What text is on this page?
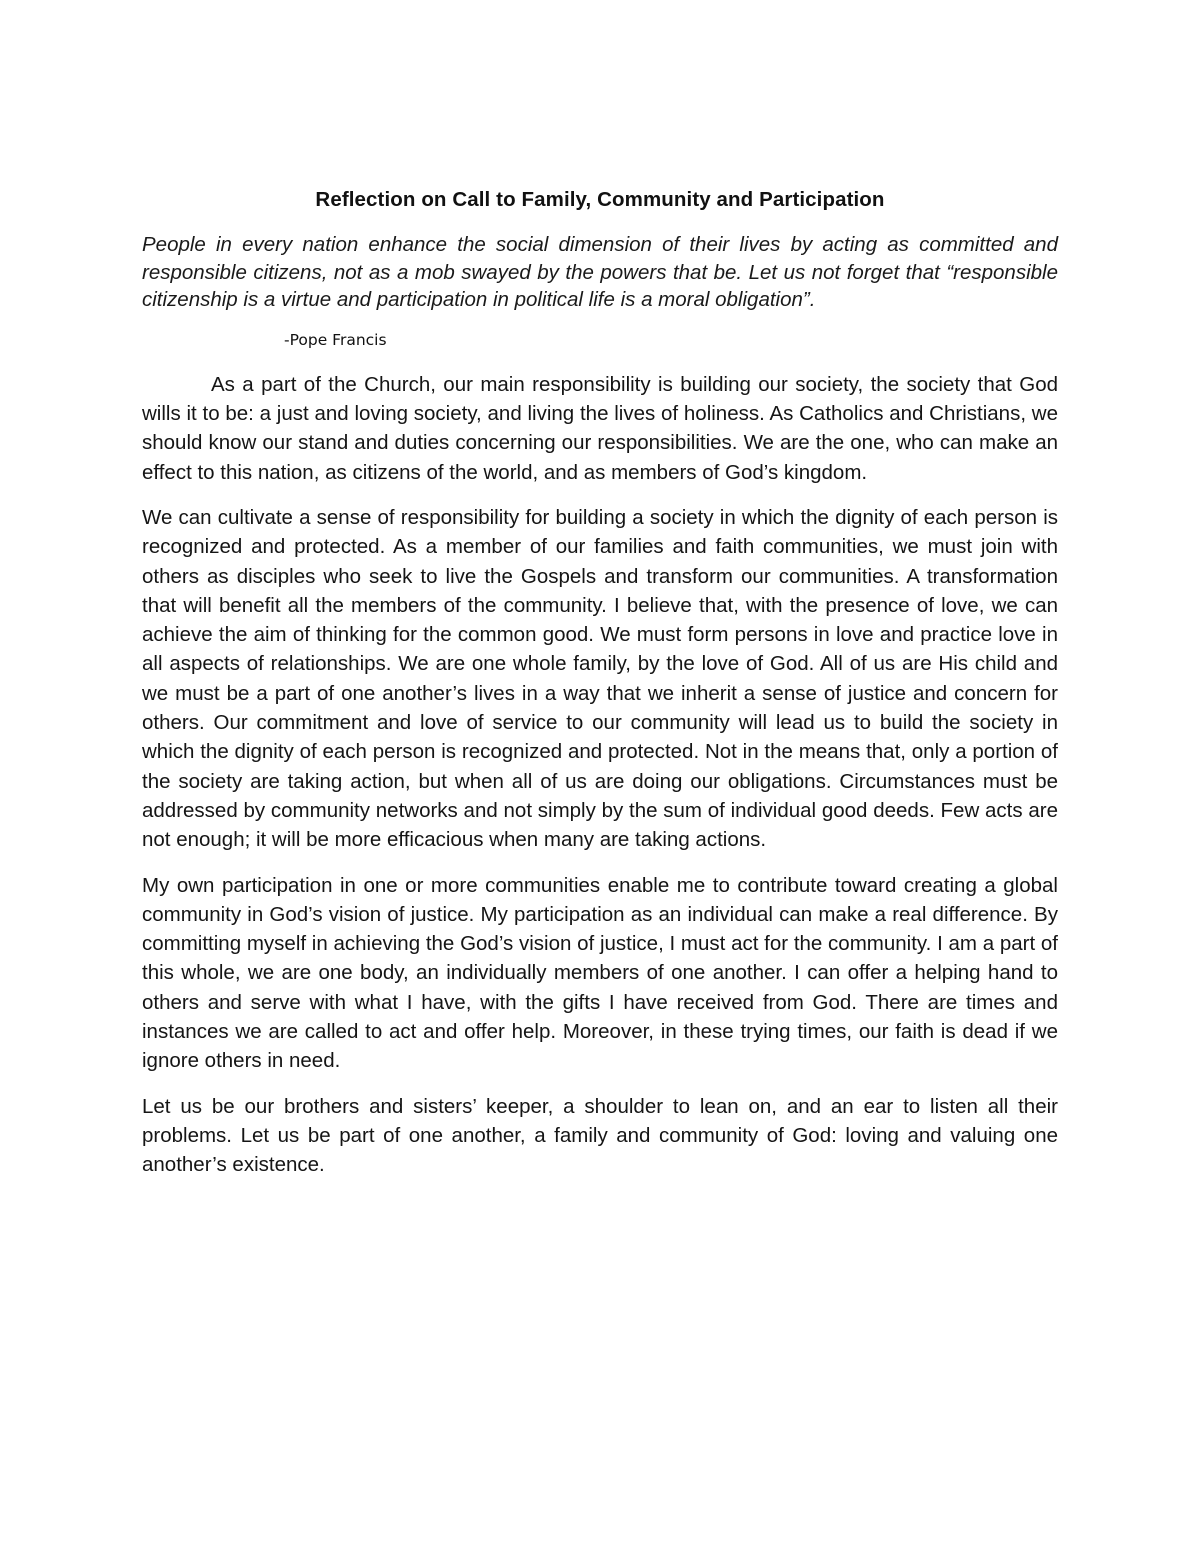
Reflection on Call to Family, Community and Participation

People in every nation enhance the social dimension of their lives by acting as committed and responsible citizens, not as a mob swayed by the powers that be. Let us not forget that “responsible citizenship is a virtue and participation in political life is a moral obligation”.

-Pope Francis

As a part of the Church, our main responsibility is building our society, the society that God wills it to be: a just and loving society, and living the lives of holiness. As Catholics and Christians, we should know our stand and duties concerning our responsibilities. We are the one, who can make an effect to this nation, as citizens of the world, and as members of God’s kingdom.

We can cultivate a sense of responsibility for building a society in which the dignity of each person is recognized and protected. As a member of our families and faith communities, we must join with others as disciples who seek to live the Gospels and transform our communities. A transformation that will benefit all the members of the community. I believe that, with the presence of love, we can achieve the aim of thinking for the common good. We must form persons in love and practice love in all aspects of relationships. We are one whole family, by the love of God. All of us are His child and we must be a part of one another’s lives in a way that we inherit a sense of justice and concern for others. Our commitment and love of service to our community will lead us to build the society in which the dignity of each person is recognized and protected. Not in the means that, only a portion of the society are taking action, but when all of us are doing our obligations. Circumstances must be addressed by community networks and not simply by the sum of individual good deeds. Few acts are not enough; it will be more efficacious when many are taking actions.

My own participation in one or more communities enable me to contribute toward creating a global community in God’s vision of justice. My participation as an individual can make a real difference. By committing myself in achieving the God’s vision of justice, I must act for the community. I am a part of this whole, we are one body, an individually members of one another. I can offer a helping hand to others and serve with what I have, with the gifts I have received from God. There are times and instances we are called to act and offer help. Moreover, in these trying times, our faith is dead if we ignore others in need.

Let us be our brothers and sisters’ keeper, a shoulder to lean on, and an ear to listen all their problems. Let us be part of one another, a family and community of God: loving and valuing one another’s existence.
